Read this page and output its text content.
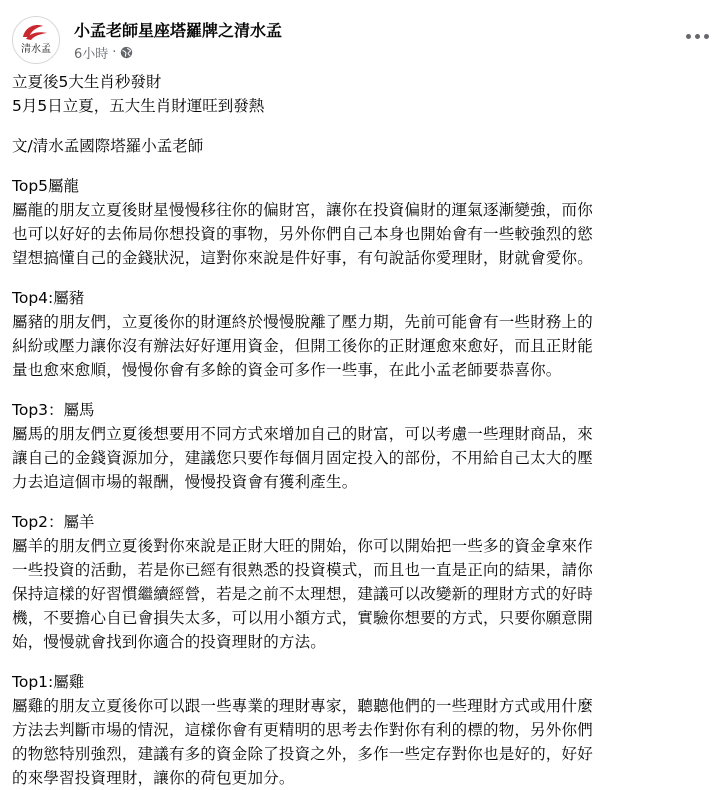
清水孟
小孟老師星座塔羅牌之清水孟
6小時 ·

立夏後5大生肖秒發財

5月5日立夏，五大生肖財運旺到發熱

文/清水孟國際塔羅小孟老師

Top5屬龍

屬龍的朋友立夏後財星慢慢移往你的偏財宮，讓你在投資偏財的運氣逐漸變強，而你

也可以好好的去佈局你想投資的事物，另外你們自己本身也開始會有一些較強烈的慾

望想搞懂自己的金錢狀況，這對你來說是件好事，有句說話你愛理財，財就會愛你。

Top4:屬豬

屬豬的朋友們，立夏後你的財運終於慢慢脫離了壓力期，先前可能會有一些財務上的

糾紛或壓力讓你沒有辦法好好運用資金，但開工後你的正財運愈來愈好，而且正財能

量也愈來愈順，慢慢你會有多餘的資金可多作一些事，在此小孟老師要恭喜你。

Top3：屬馬

屬馬的朋友們立夏後想要用不同方式來增加自己的財富，可以考慮一些理財商品，來

讓自己的金錢資源加分，建議您只要作每個月固定投入的部份，不用給自己太大的壓

力去追這個市場的報酬，慢慢投資會有獲利產生。

Top2：屬羊

屬羊的朋友們立夏後對你來說是正財大旺的開始，你可以開始把一些多的資金拿來作

一些投資的活動，若是你已經有很熟悉的投資模式，而且也一直是正向的結果，請你

保持這樣的好習慣繼續經營，若是之前不太理想，建議可以改變新的理財方式的好時

機，不要擔心自已會損失太多，可以用小額方式，實驗你想要的方式，只要你願意開

始，慢慢就會找到你適合的投資理財的方法。

Top1:屬雞

屬雞的朋友立夏後你可以跟一些專業的理財專家，聽聽他們的一些理財方式或用什麼

方法去判斷市場的情況，這樣你會有更精明的思考去作對你有利的標的物，另外你們

的物慾特別強烈，建議有多的資金除了投資之外，多作一些定存對你也是好的，好好

的來學習投資理財，讓你的荷包更加分。
